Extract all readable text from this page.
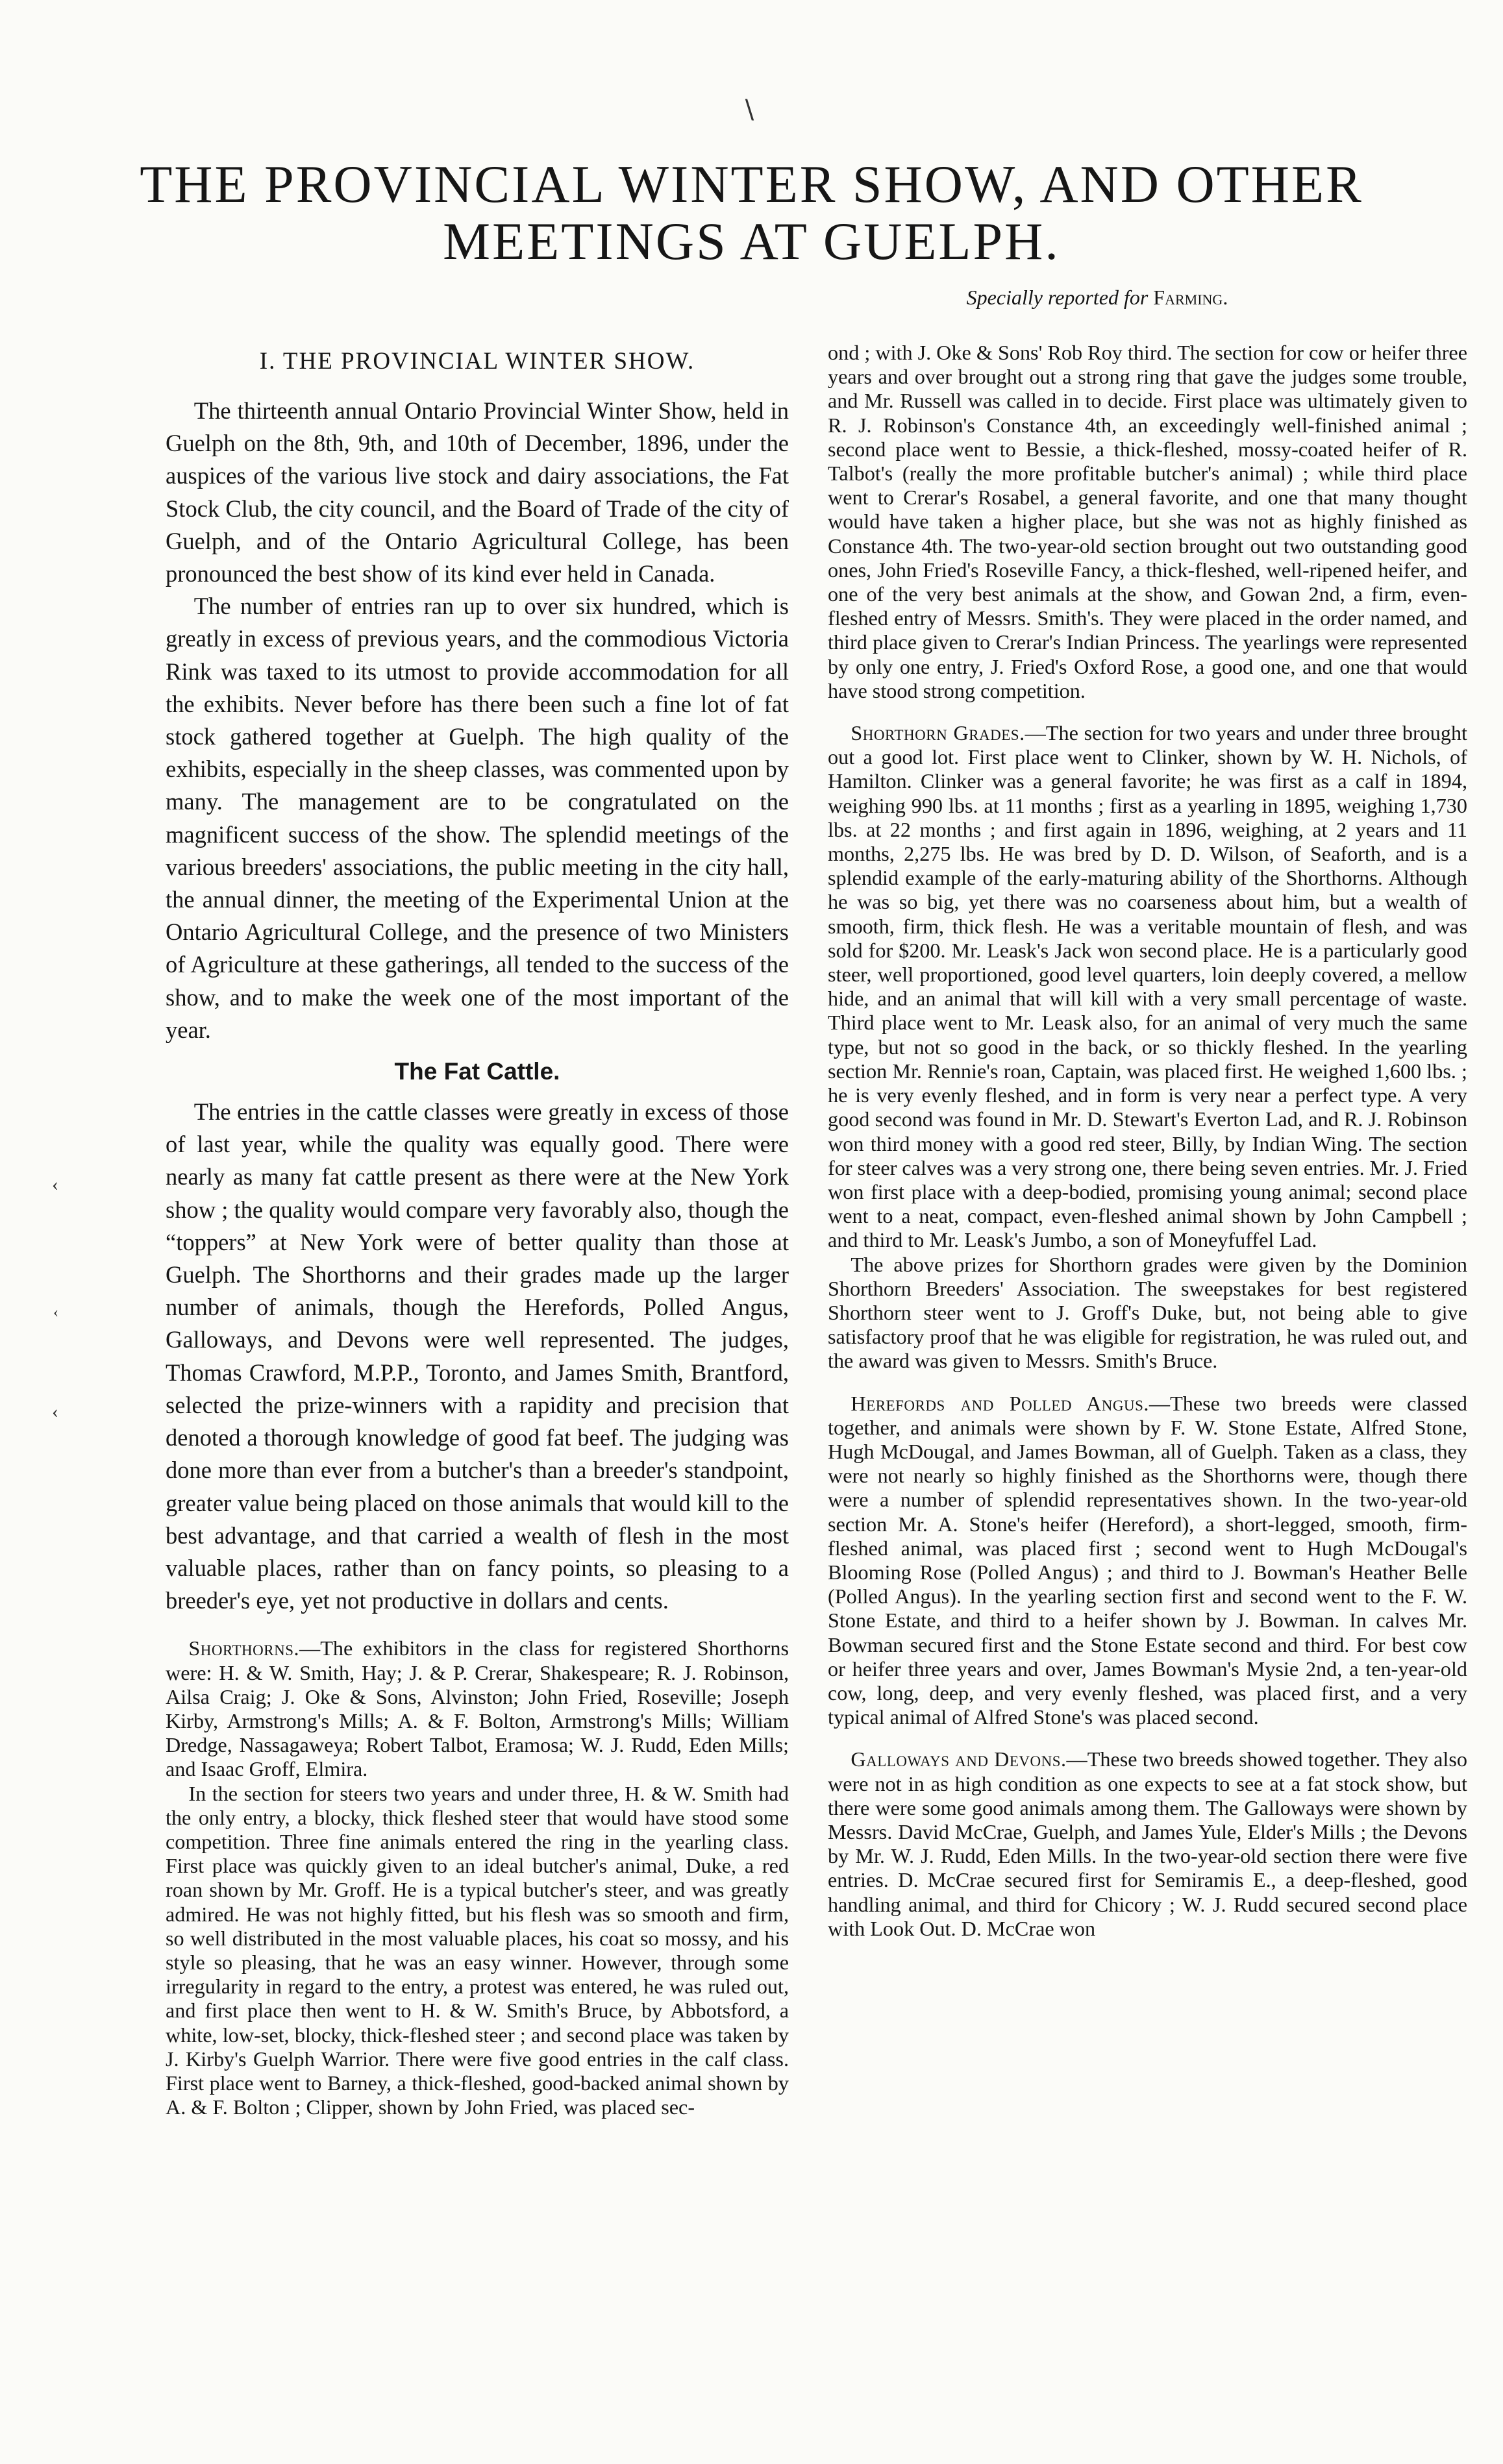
∖
‹
‹
‹
THE PROVINCIAL WINTER SHOW, AND OTHER
MEETINGS AT GUELPH.
Specially reported for Farming.
I. THE PROVINCIAL WINTER SHOW.

The thirteenth annual Ontario Provincial Winter Show, held in Guelph on the 8th, 9th, and 10th of December, 1896, under the auspices of the various live stock and dairy associations, the Fat Stock Club, the city council, and the Board of Trade of the city of Guelph, and of the Ontario Agricultural College, has been pronounced the best show of its kind ever held in Canada.

The number of entries ran up to over six hundred, which is greatly in excess of previous years, and the commodious Victoria Rink was taxed to its utmost to provide accommodation for all the exhibits. Never before has there been such a fine lot of fat stock gathered together at Guelph. The high quality of the exhibits, especially in the sheep classes, was commented upon by many. The management are to be congratulated on the magnificent success of the show. The splendid meetings of the various breeders' associations, the public meeting in the city hall, the annual dinner, the meeting of the Experimental Union at the Ontario Agricultural College, and the presence of two Ministers of Agriculture at these gatherings, all tended to the success of the show, and to make the week one of the most important of the year.

The Fat Cattle.

The entries in the cattle classes were greatly in excess of those of last year, while the quality was equally good. There were nearly as many fat cattle present as there were at the New York show ; the quality would compare very favorably also, though the “toppers” at New York were of better quality than those at Guelph. The Shorthorns and their grades made up the larger number of animals, though the Herefords, Polled Angus, Galloways, and Devons were well represented. The judges, Thomas Crawford, M.P.P., Toronto, and James Smith, Brantford, selected the prize-winners with a rapidity and precision that denoted a thorough knowledge of good fat beef. The judging was done more than ever from a butcher's than a breeder's standpoint, greater value being placed on those animals that would kill to the best advantage, and that carried a wealth of flesh in the most valuable places, rather than on fancy points, so pleasing to a breeder's eye, yet not productive in dollars and cents.

Shorthorns.—The exhibitors in the class for registered Shorthorns were: H. & W. Smith, Hay; J. & P. Crerar, Shakespeare; R. J. Robinson, Ailsa Craig; J. Oke & Sons, Alvinston; John Fried, Roseville; Joseph Kirby, Armstrong's Mills; A. & F. Bolton, Armstrong's Mills; William Dredge, Nassagaweya; Robert Talbot, Eramosa; W. J. Rudd, Eden Mills; and Isaac Groff, Elmira.

In the section for steers two years and under three, H. & W. Smith had the only entry, a blocky, thick fleshed steer that would have stood some competition. Three fine animals entered the ring in the yearling class. First place was quickly given to an ideal butcher's animal, Duke, a red roan shown by Mr. Groff. He is a typical butcher's steer, and was greatly admired. He was not highly fitted, but his flesh was so smooth and firm, so well distributed in the most valuable places, his coat so mossy, and his style so pleasing, that he was an easy winner. However, through some irregularity in regard to the entry, a protest was entered, he was ruled out, and first place then went to H. & W. Smith's Bruce, by Abbotsford, a white, low-set, blocky, thick-fleshed steer ; and second place was taken by J. Kirby's Guelph Warrior. There were five good entries in the calf class. First place went to Barney, a thick-fleshed, good-backed animal shown by A. & F. Bolton ; Clipper, shown by John Fried, was placed sec-

ond ; with J. Oke & Sons' Rob Roy third. The section for cow or heifer three years and over brought out a strong ring that gave the judges some trouble, and Mr. Russell was called in to decide. First place was ultimately given to R. J. Robinson's Constance 4th, an exceedingly well-finished animal ; second place went to Bessie, a thick-fleshed, mossy-coated heifer of R. Talbot's (really the more profitable butcher's animal) ; while third place went to Crerar's Rosabel, a general favorite, and one that many thought would have taken a higher place, but she was not as highly finished as Constance 4th. The two-year-old section brought out two outstanding good ones, John Fried's Roseville Fancy, a thick-fleshed, well-ripened heifer, and one of the very best animals at the show, and Gowan 2nd, a firm, even-fleshed entry of Messrs. Smith's. They were placed in the order named, and third place given to Crerar's Indian Princess. The yearlings were represented by only one entry, J. Fried's Oxford Rose, a good one, and one that would have stood strong competition.

Shorthorn Grades.—The section for two years and under three brought out a good lot. First place went to Clinker, shown by W. H. Nichols, of Hamilton. Clinker was a general favorite; he was first as a calf in 1894, weighing 990 lbs. at 11 months ; first as a yearling in 1895, weighing 1,730 lbs. at 22 months ; and first again in 1896, weighing, at 2 years and 11 months, 2,275 lbs. He was bred by D. D. Wilson, of Seaforth, and is a splendid example of the early-maturing ability of the Shorthorns. Although he was so big, yet there was no coarseness about him, but a wealth of smooth, firm, thick flesh. He was a veritable mountain of flesh, and was sold for $200. Mr. Leask's Jack won second place. He is a particularly good steer, well proportioned, good level quarters, loin deeply covered, a mellow hide, and an animal that will kill with a very small percentage of waste. Third place went to Mr. Leask also, for an animal of very much the same type, but not so good in the back, or so thickly fleshed. In the yearling section Mr. Rennie's roan, Captain, was placed first. He weighed 1,600 lbs. ; he is very evenly fleshed, and in form is very near a perfect type. A very good second was found in Mr. D. Stewart's Everton Lad, and R. J. Robinson won third money with a good red steer, Billy, by Indian Wing. The section for steer calves was a very strong one, there being seven entries. Mr. J. Fried won first place with a deep-bodied, promising young animal; second place went to a neat, compact, even-fleshed animal shown by John Campbell ; and third to Mr. Leask's Jumbo, a son of Moneyfuffel Lad.

The above prizes for Shorthorn grades were given by the Dominion Shorthorn Breeders' Association. The sweepstakes for best registered Shorthorn steer went to J. Groff's Duke, but, not being able to give satisfactory proof that he was eligible for registration, he was ruled out, and the award was given to Messrs. Smith's Bruce.

Herefords and Polled Angus.—These two breeds were classed together, and animals were shown by F. W. Stone Estate, Alfred Stone, Hugh McDougal, and James Bowman, all of Guelph. Taken as a class, they were not nearly so highly finished as the Shorthorns were, though there were a number of splendid representatives shown. In the two-year-old section Mr. A. Stone's heifer (Hereford), a short-legged, smooth, firm-fleshed animal, was placed first ; second went to Hugh McDougal's Blooming Rose (Polled Angus) ; and third to J. Bowman's Heather Belle (Polled Angus). In the yearling section first and second went to the F. W. Stone Estate, and third to a heifer shown by J. Bowman. In calves Mr. Bowman secured first and the Stone Estate second and third. For best cow or heifer three years and over, James Bowman's Mysie 2nd, a ten-year-old cow, long, deep, and very evenly fleshed, was placed first, and a very typical animal of Alfred Stone's was placed second.

Galloways and Devons.—These two breeds showed together. They also were not in as high condition as one expects to see at a fat stock show, but there were some good animals among them. The Galloways were shown by Messrs. David McCrae, Guelph, and James Yule, Elder's Mills ; the Devons by Mr. W. J. Rudd, Eden Mills. In the two-year-old section there were five entries. D. McCrae secured first for Semiramis E., a deep-fleshed, good handling animal, and third for Chicory ; W. J. Rudd secured second place with Look Out. D. McCrae won
